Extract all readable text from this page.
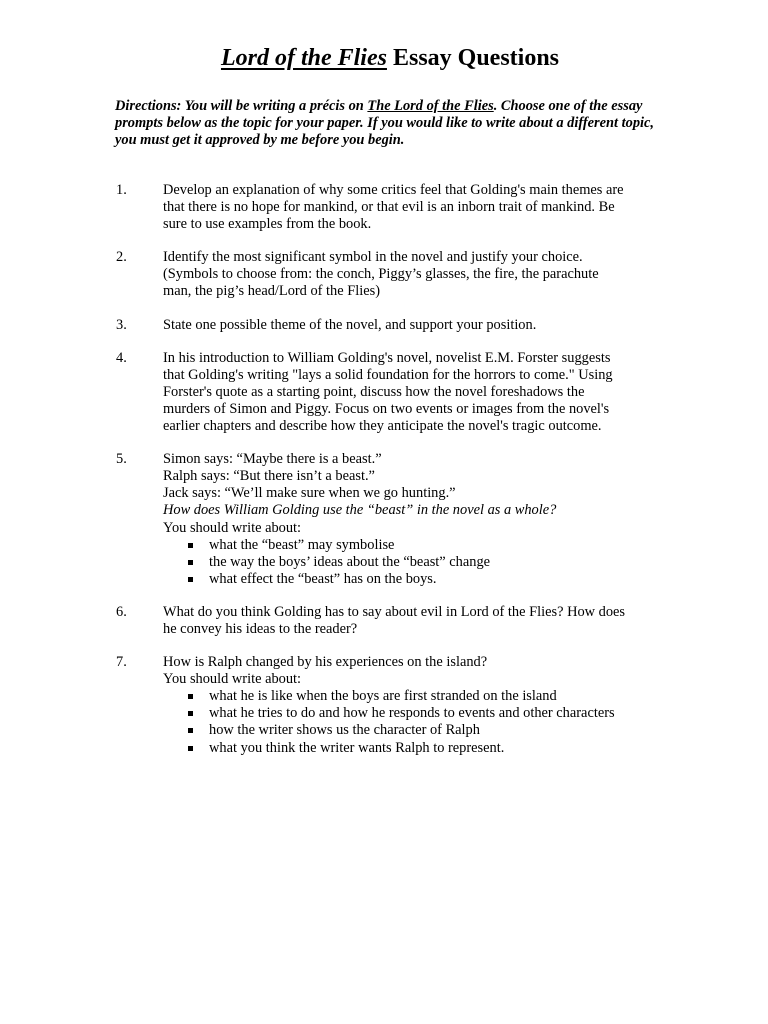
Lord of the Flies Essay Questions
Directions: You will be writing a précis on The Lord of the Flies. Choose one of the essay prompts below as the topic for your paper. If you would like to write about a different topic, you must get it approved by me before you begin.
1.	Develop an explanation of why some critics feel that Golding's main themes are
that there is no hope for mankind, or that evil is an inborn trait of mankind. Be
sure to use examples from the book.
2.	Identify the most significant symbol in the novel and justify your choice.
(Symbols to choose from: the conch, Piggy’s glasses, the fire, the parachute
man, the pig’s head/Lord of the Flies)
3.	State one possible theme of the novel, and support your position.
4.	In his introduction to William Golding's novel, novelist E.M. Forster suggests
that Golding's writing "lays a solid foundation for the horrors to come." Using
Forster's quote as a starting point, discuss how the novel foreshadows the
murders of Simon and Piggy. Focus on two events or images from the novel's
earlier chapters and describe how they anticipate the novel's tragic outcome.
5.	Simon says: “Maybe there is a beast.”
Ralph says: “But there isn’t a beast.”
Jack says: “We’ll make sure when we go hunting.”
How does William Golding use the “beast” in the novel as a whole?
You should write about:
what the “beast” may symbolise
the way the boys’ ideas about the “beast” change
what effect the “beast” has on the boys.
6.	What do you think Golding has to say about evil in Lord of the Flies? How does
he convey his ideas to the reader?
7.	How is Ralph changed by his experiences on the island?
You should write about:
what he is like when the boys are first stranded on the island
what he tries to do and how he responds to events and other characters
how the writer shows us the character of Ralph
what you think the writer wants Ralph to represent.
